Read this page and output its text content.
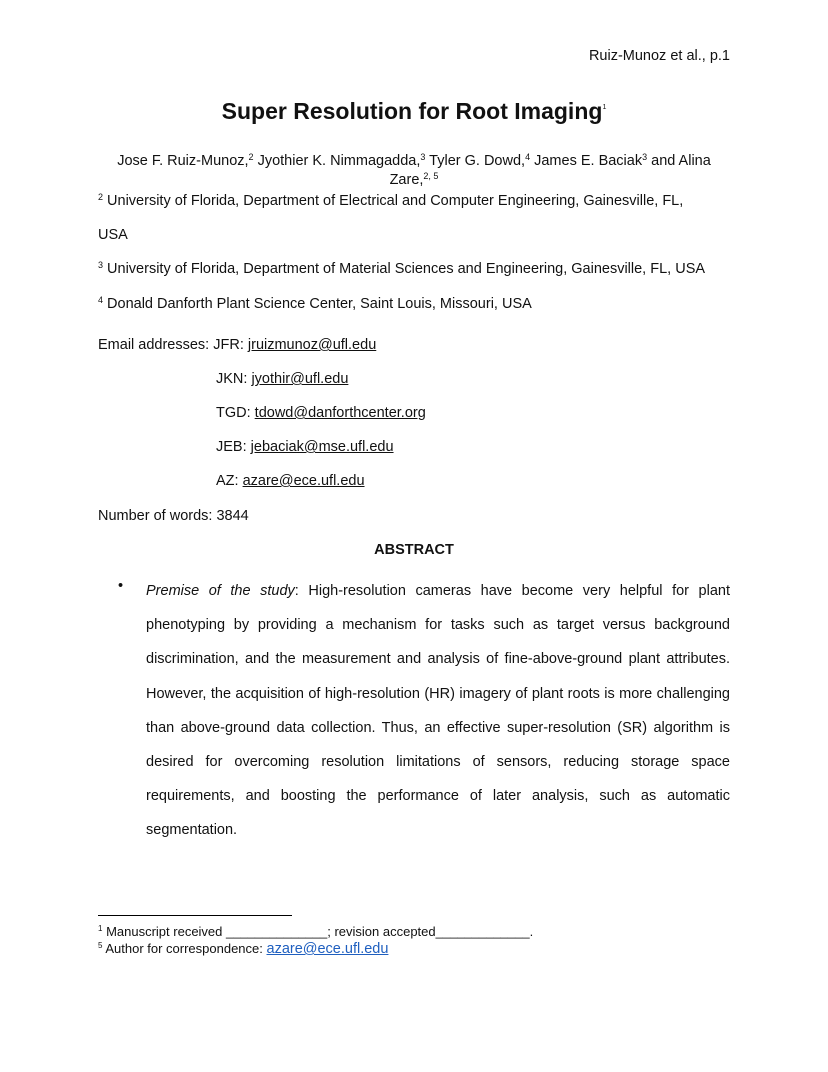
Ruiz-Munoz et al., p.1
Super Resolution for Root Imaging$^1$
Jose F. Ruiz-Munoz,$^2$ Jyothier K. Nimmagadda,$^3$ Tyler G. Dowd,$^4$ James E. Baciak$^3$ and Alina Zare,$^{2, 5}$
$^2$ University of Florida, Department of Electrical and Computer Engineering, Gainesville, FL,
USA
$^3$ University of Florida, Department of Material Sciences and Engineering, Gainesville, FL, USA
$^4$ Donald Danforth Plant Science Center, Saint Louis, Missouri, USA
Email addresses: JFR: jruizmunoz@ufl.edu
JKN: jyothir@ufl.edu
TGD: tdowd@danforthcenter.org
JEB: jebaciak@mse.ufl.edu
AZ: azare@ece.ufl.edu
Number of words: 3844
ABSTRACT
• Premise of the study: High-resolution cameras have become very helpful for plant phenotyping by providing a mechanism for tasks such as target versus background discrimination, and the measurement and analysis of fine-above-ground plant attributes. However, the acquisition of high-resolution (HR) imagery of plant roots is more challenging than above-ground data collection. Thus, an effective super-resolution (SR) algorithm is desired for overcoming resolution limitations of sensors, reducing storage space requirements, and boosting the performance of later analysis, such as automatic segmentation.
$^1$ Manuscript received ______________; revision accepted_____________.
$^5$ Author for correspondence: azare@ece.ufl.edu
